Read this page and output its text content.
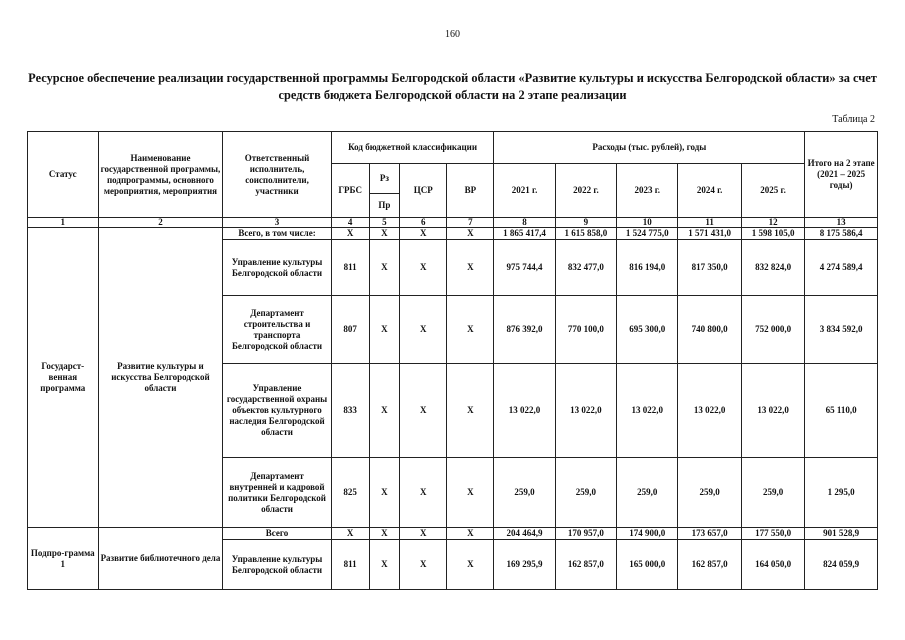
160
Ресурсное обеспечение реализации государственной программы Белгородской области «Развитие культуры и искусства Белгородской области» за счет средств бюджета Белгородской области на 2 этапе реализации
Таблица 2
Статус	Наименование государственной программы, подпрограммы, основного мероприятия, мероприятия	Ответственный исполнитель, соисполнители, участники	Код бюджетной классификации				Расходы (тыс. рублей), годы					Итого на 2 этапе (2021 – 2025 годы)
			ГРБС	Рз	ЦСР	ВР	2021 г.	2022 г.	2023 г.	2024 г.	2025 г.	
				Пр								
1	2	3	4	5	6	7	8	9	10	11	12	13
Государст-венная программа	Развитие культуры и искусства Белгородской области	Всего, в том числе:	Х	Х	Х	Х	1 865 417,4	1 615 858,0	1 524 775,0	1 571 431,0	1 598 105,0	8 175 586,4
		Управление культуры Белгородской области	811	Х	Х	Х	975 744,4	832 477,0	816 194,0	817 350,0	832 824,0	4 274 589,4
		Департамент строительства и транспорта Белгородской области	807	Х	Х	Х	876 392,0	770 100,0	695 300,0	740 800,0	752 000,0	3 834 592,0
		Управление государственной охраны объектов культурного наследия Белгородской области	833	Х	Х	Х	13 022,0	13 022,0	13 022,0	13 022,0	13 022,0	65 110,0
		Департамент внутренней и кадровой политики Белгородской области	825	Х	Х	Х	259,0	259,0	259,0	259,0	259,0	1 295,0
Подпро-грамма 1	Развитие библиотечного дела	Всего	Х	Х	Х	Х	204 464,9	170 957,0	174 900,0	173 657,0	177 550,0	901 528,9
		Управление культуры Белгородской области	811	Х	Х	Х	169 295,9	162 857,0	165 000,0	162 857,0	164 050,0	824 059,9
